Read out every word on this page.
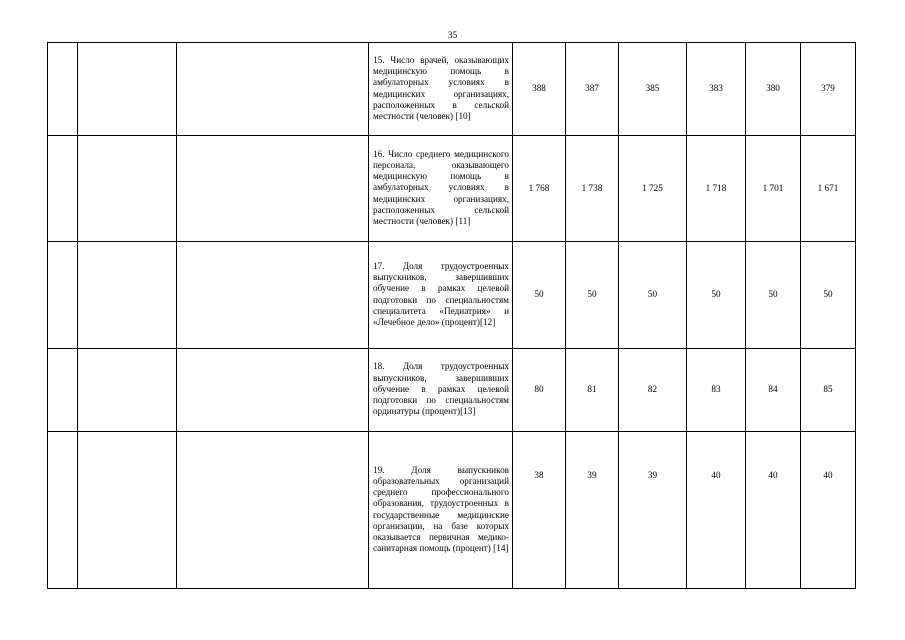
35

			15. Число врачей, оказывающих медицинскую помощь в амбулаторных условиях в медицинских организациях, расположенных в сельской местности (человек) [10]	388	387	385	383	380	379

			16. Число среднего медицинского персонала, оказывающего медицинскую помощь в амбулаторных условиях в медицинских организациях, расположенных сельской местности (человек) [11]	1 768	1 738	1 725	1 718	1 701	1 671

			17. Доля трудоустроенных выпускников, завершивших обучение в рамках целевой подготовки по специальностям специалитета «Педиатрия» и «Лечебное дело» (процент)[12]	50	50	50	50	50	50

			18. Доля трудоустроенных выпускников, завершивших обучение в рамках целевой подготовки по специальностям ординатуры (процент)[13]	80	81	82	83	84	85

			19. Доля выпускников образовательных организаций среднего профессионального образования, трудоустроенных в государственные медицинские организации, на базе которых оказывается первичная медико-санитарная помощь (процент) [14]	38	39	39	40	40	40
